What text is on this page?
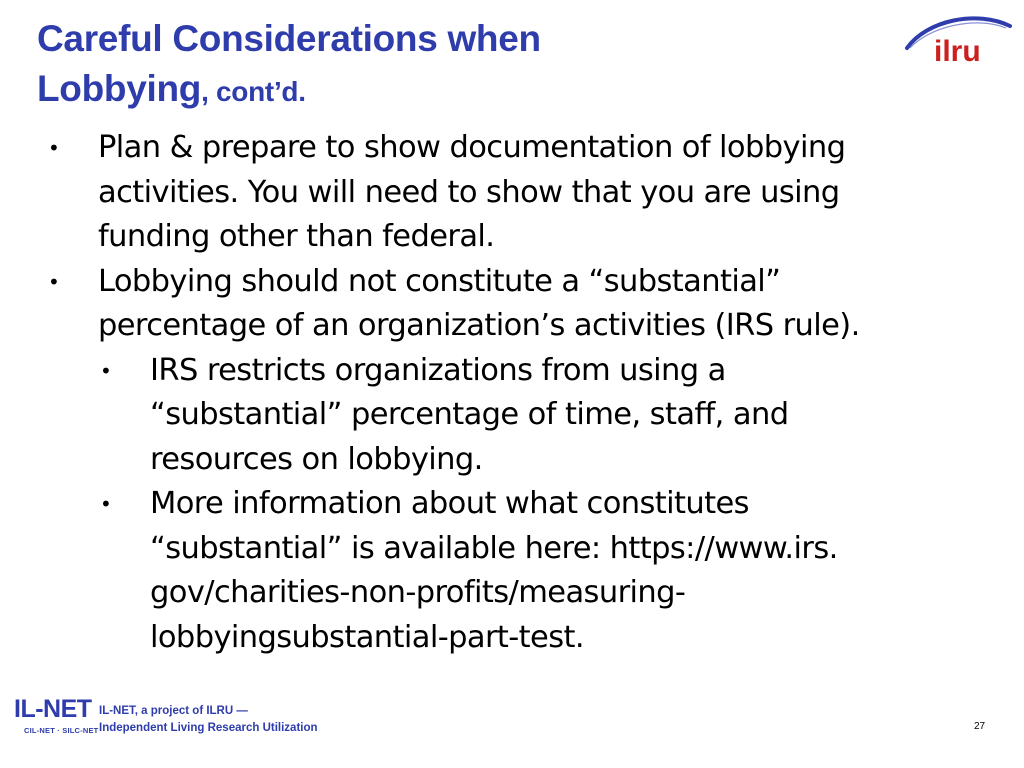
Careful Considerations when
Lobbying, cont’d.
ilru
• Plan & prepare to show documentation of lobbying
activities. You will need to show that you are using
funding other than federal.
• Lobbying should not constitute a “substantial”
percentage of an organization’s activities (IRS rule).
• IRS restricts organizations from using a
“substantial” percentage of time, staff, and
resources on lobbying.
• More information about what constitutes
“substantial” is available here: https://www.irs.
gov/charities-non-profits/measuring-
lobbyingsubstantial-part-test.
IL-NET
CIL-NET · SILC-NET
IL-NET, a project of ILRU —
Independent Living Research Utilization	27
